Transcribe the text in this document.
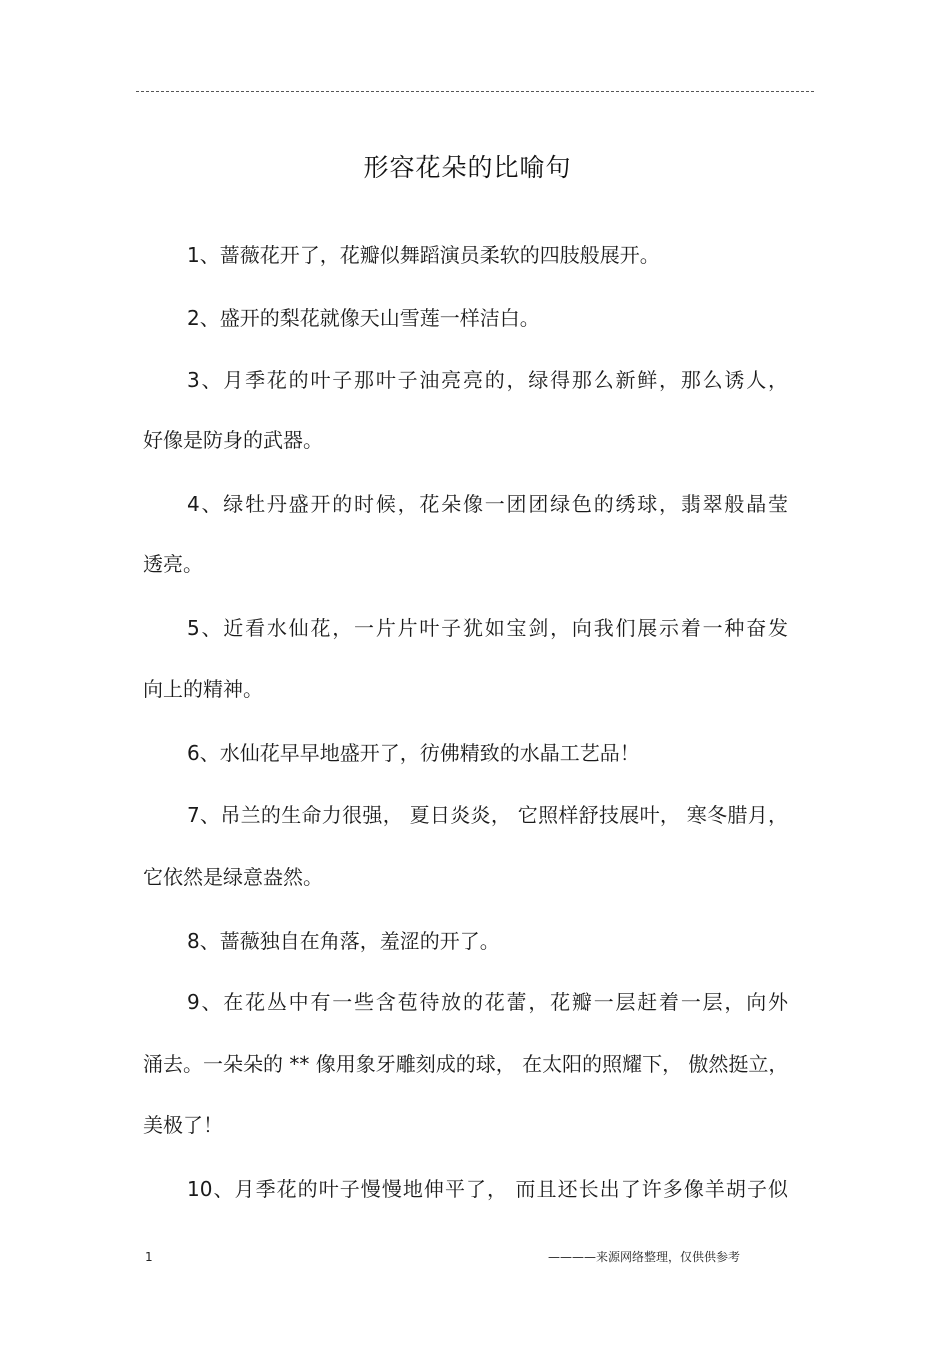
形容花朵的比喻句
1、蔷薇花开了，花瓣似舞蹈演员柔软的四肢般展开。
2、盛开的梨花就像天山雪莲一样洁白。
3、月季花的叶子那叶子油亮亮的，绿得那么新鲜，那么诱人，
好像是防身的武器。
4、绿牡丹盛开的时候，花朵像一团团绿色的绣球，翡翠般晶莹
透亮。
5、近看水仙花，一片片叶子犹如宝剑，向我们展示着一种奋发
向上的精神。
6、水仙花早早地盛开了，彷佛精致的水晶工艺品！
7、吊兰的生命力很强， 夏日炎炎， 它照样舒技展叶， 寒冬腊月，
它依然是绿意盎然。
8、蔷薇独自在角落，羞涩的开了。
9、在花丛中有一些含苞待放的花蕾，花瓣一层赶着一层，向外
涌去。一朵朵的 ** 像用象牙雕刻成的球， 在太阳的照耀下， 傲然挺立，
美极了！
10、月季花的叶子慢慢地伸平了， 而且还长出了许多像羊胡子似
1	————来源网络整理，仅供供参考
